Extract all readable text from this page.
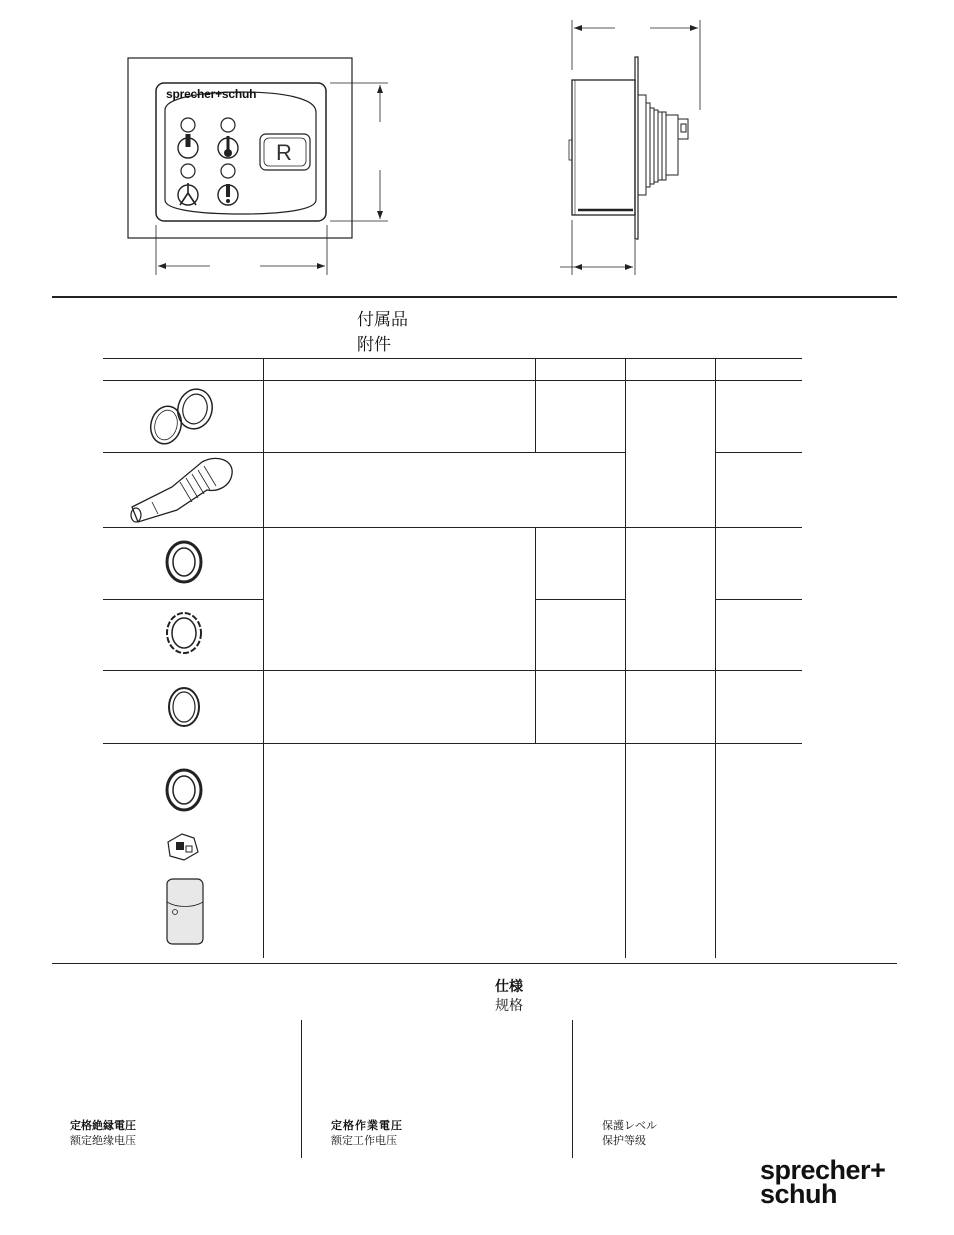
sprecher+schuh
R
付属品
附件
仕様
规格
定格絶縁電圧
额定绝缘电压
定格作業電圧
额定工作电压
保護レベル
保护等级
sprecher+
schuh
